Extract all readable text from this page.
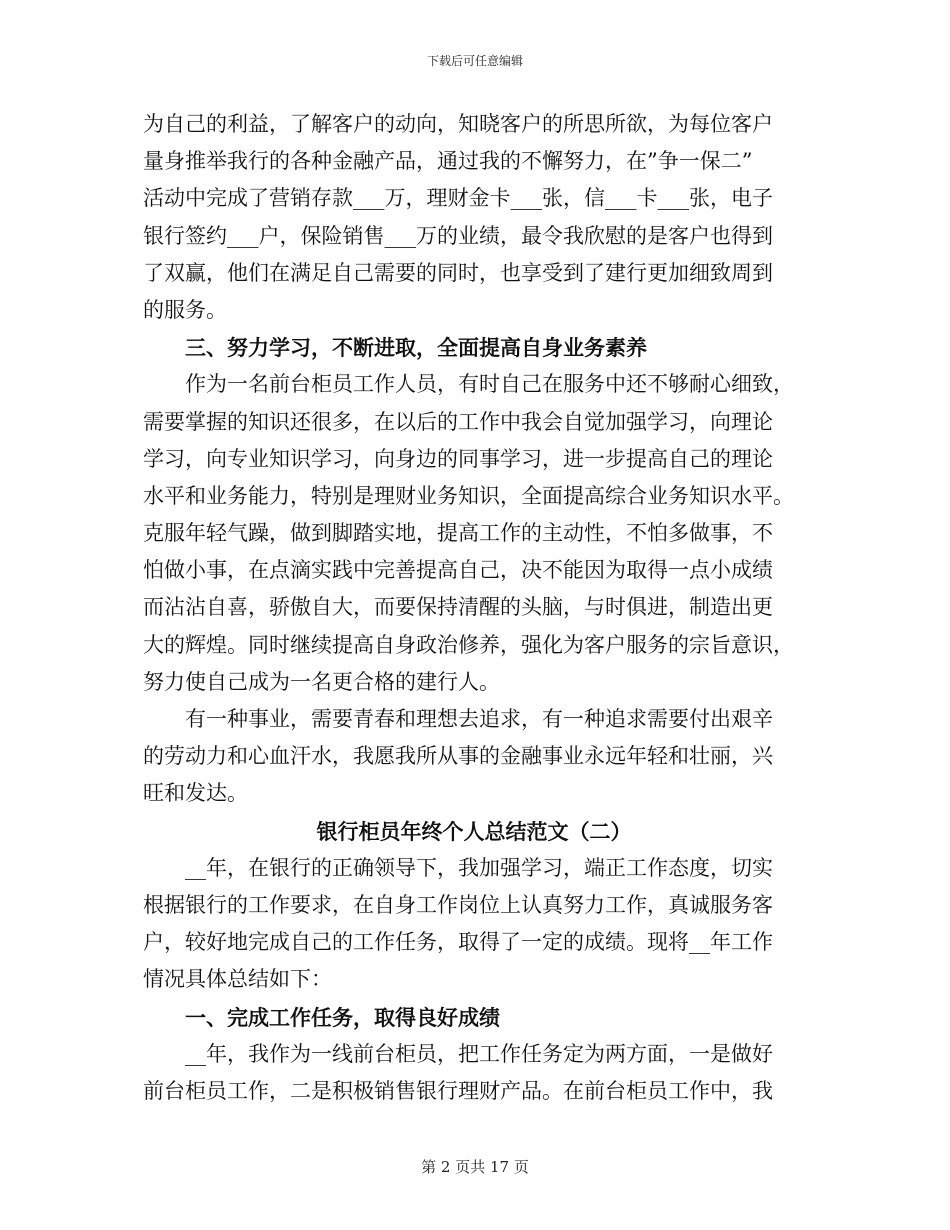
下载后可任意编辑
为自己的利益，了解客户的动向，知晓客户的所思所欲，为每位客户
量身推举我行的各种金融产品，通过我的不懈努力，在”争一保二”
活动中完成了营销存款___万，理财金卡___张，信___卡___张，电子
银行签约___户，保险销售___万的业绩，最令我欣慰的是客户也得到
了双赢，他们在满足自己需要的同时，也享受到了建行更加细致周到
的服务。
　　三、努力学习，不断进取，全面提高自身业务素养
　　作为一名前台柜员工作人员，有时自己在服务中还不够耐心细致，
需要掌握的知识还很多，在以后的工作中我会自觉加强学习，向理论
学习，向专业知识学习，向身边的同事学习，进一步提高自己的理论
水平和业务能力，特别是理财业务知识，全面提高综合业务知识水平。
克服年轻气躁，做到脚踏实地，提高工作的主动性，不怕多做事，不
怕做小事，在点滴实践中完善提高自己，决不能因为取得一点小成绩
而沾沾自喜，骄傲自大，而要保持清醒的头脑，与时俱进，制造出更
大的辉煌。同时继续提高自身政治修养，强化为客户服务的宗旨意识，
努力使自己成为一名更合格的建行人。
　　有一种事业，需要青春和理想去追求，有一种追求需要付出艰辛
的劳动力和心血汗水，我愿我所从事的金融事业永远年轻和壮丽，兴
旺和发达。
银行柜员年终个人总结范文（二）
　　__年，在银行的正确领导下，我加强学习，端正工作态度，切实
根据银行的工作要求，在自身工作岗位上认真努力工作，真诚服务客
户，较好地完成自己的工作任务，取得了一定的成绩。现将__年工作
情况具体总结如下：
　　一、完成工作任务，取得良好成绩
　　__年，我作为一线前台柜员，把工作任务定为两方面，一是做好
前台柜员工作，二是积极销售银行理财产品。在前台柜员工作中，我
第 2 页共 17 页
